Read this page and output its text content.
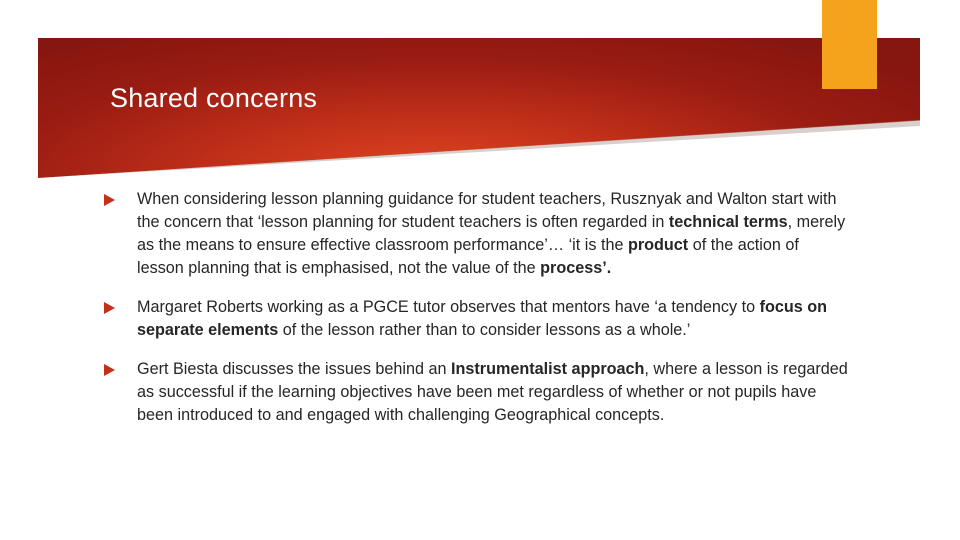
Shared concerns
When considering lesson planning guidance for student teachers, Rusznyak and Walton start with the concern that ‘lesson planning for student teachers is often regarded in technical terms, merely as the means to ensure effective classroom performance’… ‘it is the product of the action of lesson planning that is emphasised, not the value of the process’.
Margaret Roberts working as a PGCE tutor observes that mentors have ‘a tendency to focus on separate elements of the lesson rather than to consider lessons as a whole.’
Gert Biesta discusses the issues behind an Instrumentalist approach, where a lesson is regarded as successful if the learning objectives have been met regardless of whether or not pupils have been introduced to and engaged with challenging Geographical concepts.
